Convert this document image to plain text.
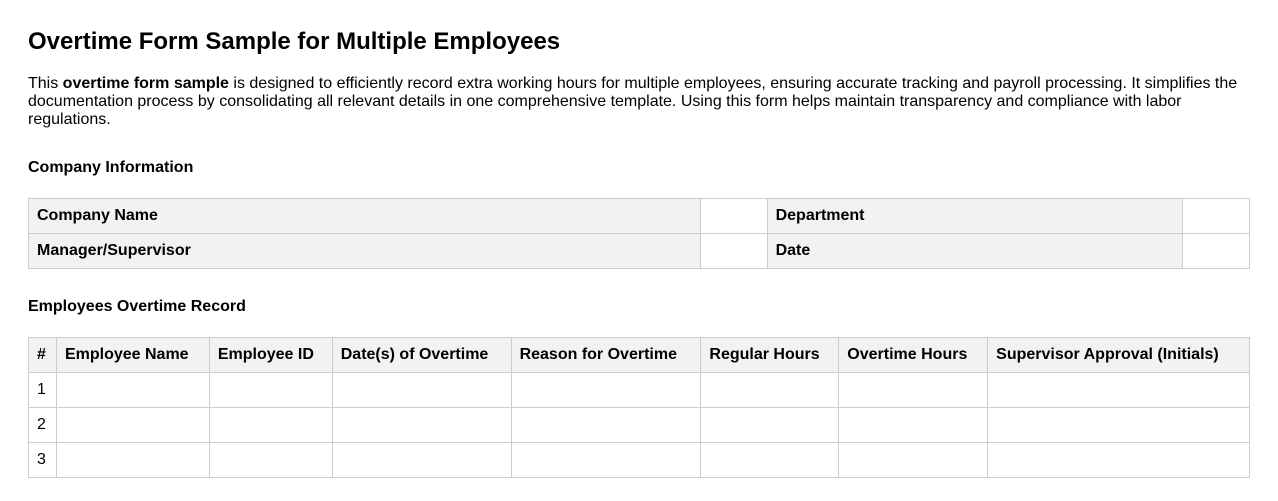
Overtime Form Sample for Multiple Employees

This overtime form sample is designed to efficiently record extra working hours for multiple employees, ensuring accurate tracking and payroll processing. It simplifies the documentation process by consolidating all relevant details in one comprehensive template. Using this form helps maintain transparency and compliance with labor regulations.

Company Information
Company Name		Department	
Manager/Supervisor		Date	
Employees Overtime Record
#	Employee Name	Employee ID	Date(s) of Overtime	Reason for Overtime	Regular Hours	Overtime Hours	Supervisor Approval (Initials)
1							
2							
3							
